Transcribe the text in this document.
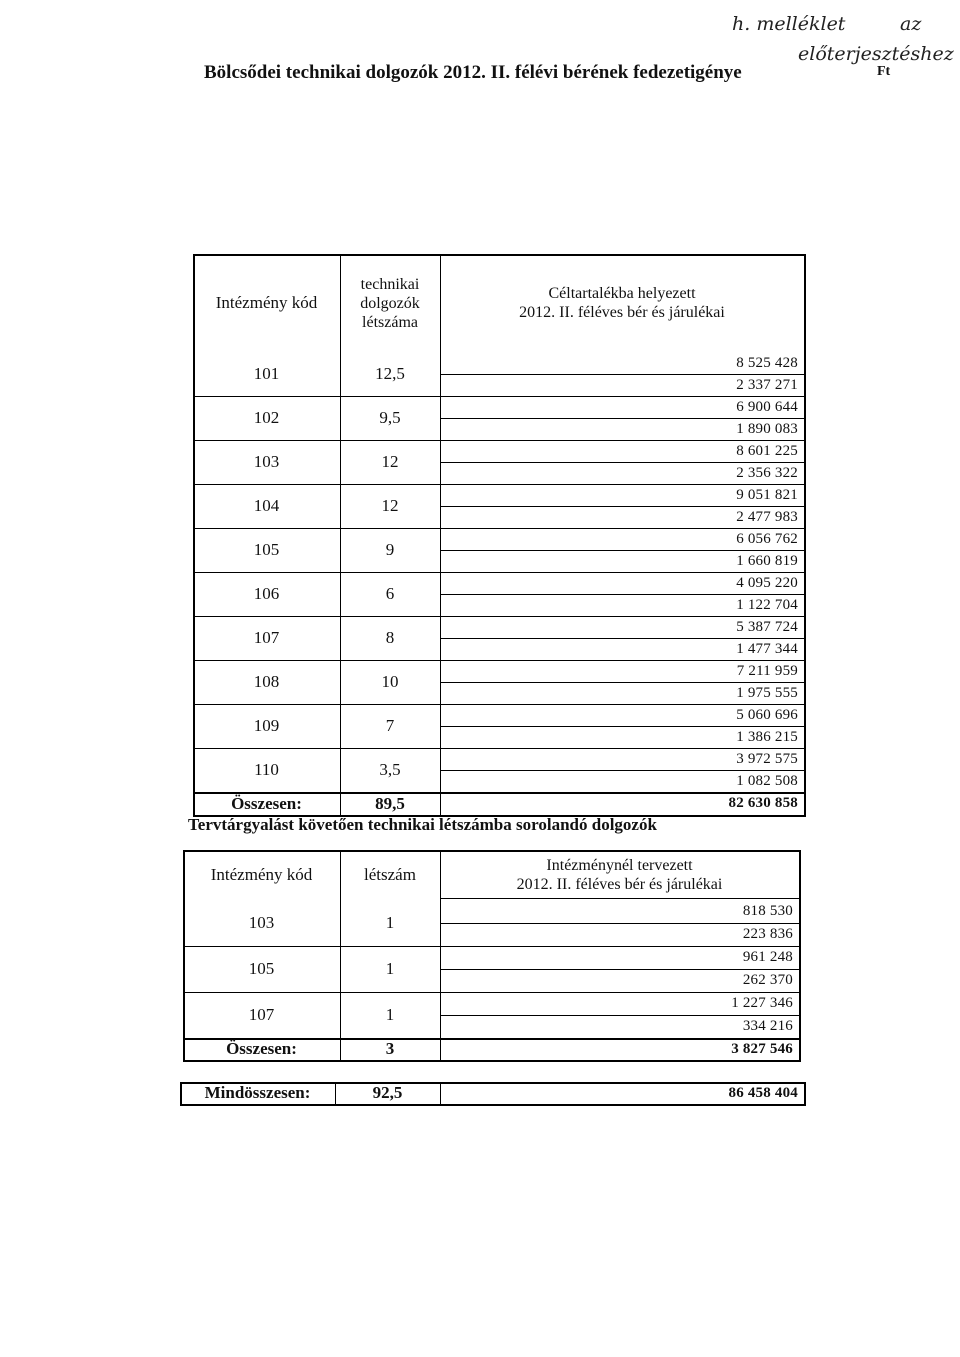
Bölcsődei technikai dolgozók 2012. II. félévi bérének fedezetigénye	Ft
h. melléklet	az
előterjesztéshez
Intézmény kód
technikai
dolgozók
létszáma
Céltartalékba helyezett
2012. II. féléves bér és járulékai
101	12,5
8 525 428
2 337 271
102	9,5
6 900 644
1 890 083
103	12
8 601 225
2 356 322
104	12
9 051 821
2 477 983
105	9
6 056 762
1 660 819
106	6
4 095 220
1 122 704
107	8
5 387 724
1 477 344
108	10
7 211 959
1 975 555
109	7
5 060 696
1 386 215
110	3,5
3 972 575
1 082 508
Összesen:	89,5	82 630 858
Tervtárgyalást követően technikai létszámba sorolandó dolgozók
Intézmény kód	létszám	Intézménynél tervezett
2012. II. féléves bér és járulékai
103	1
818 530
223 836
105	1
961 248
262 370
107	1
1 227 346
334 216
Összesen:	3	3 827 546
Mindösszesen:	92,5	86 458 404
